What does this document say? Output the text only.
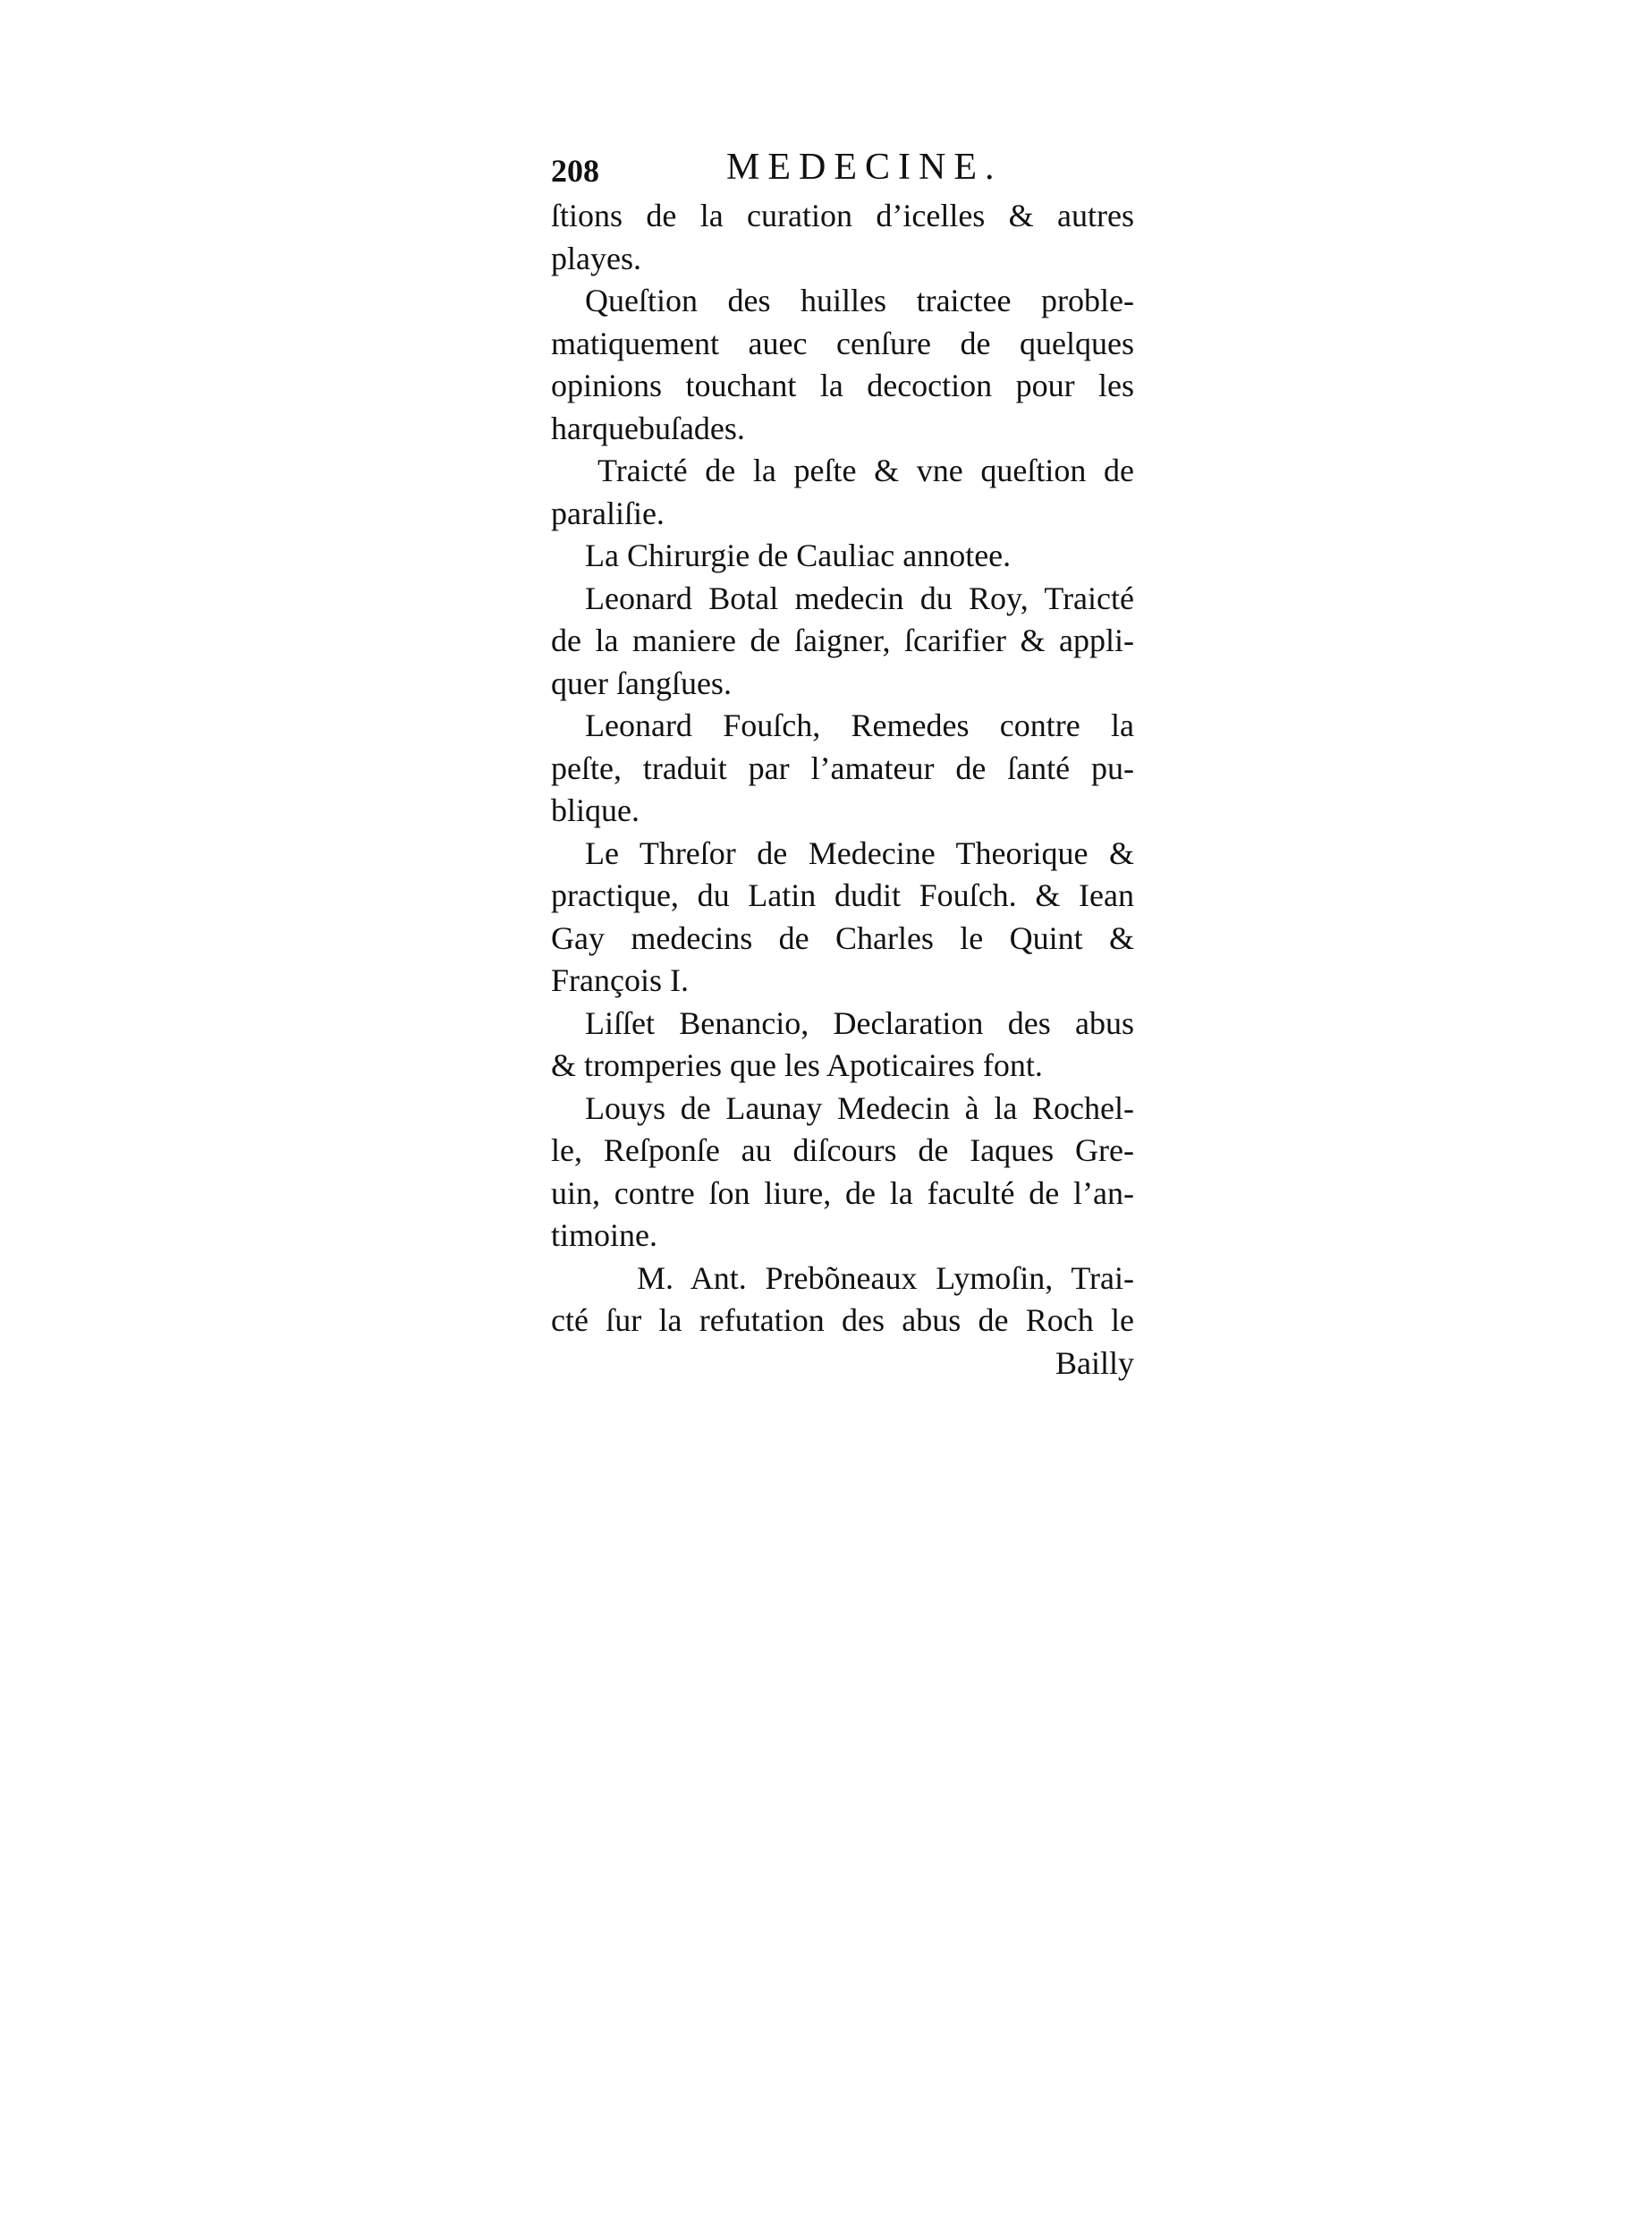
208	MEDECINE.
ſtions de la curation d’icelles & autres
playes.
Queſtion des huilles traictee proble-
matiquement auec cenſure de quelques
opinions touchant la decoction pour les
harquebuſades.
Traicté de la peſte & vne queſtion de
paraliſie.
La Chirurgie de Cauliac annotee.
Leonard Botal medecin du Roy, Traicté
de la maniere de ſaigner, ſcarifier & appli-
quer ſangſues.
Leonard Fouſch, Remedes contre la
peſte, traduit par l’amateur de ſanté pu-
blique.
Le Threſor de Medecine Theorique &
practique, du Latin dudit Fouſch. & Iean
Gay medecins de Charles le Quint &
François I.
Liſſet Benancio, Declaration des abus
& tromperies que les Apoticaires font.
Louys de Launay Medecin à la Rochel-
le, Reſponſe au diſcours de Iaques Gre-
uin, contre ſon liure, de la faculté de l’an-
timoine.
M. Ant. Prebõneaux Lymoſin, Trai-
cté ſur la refutation des abus de Roch le
Bailly
